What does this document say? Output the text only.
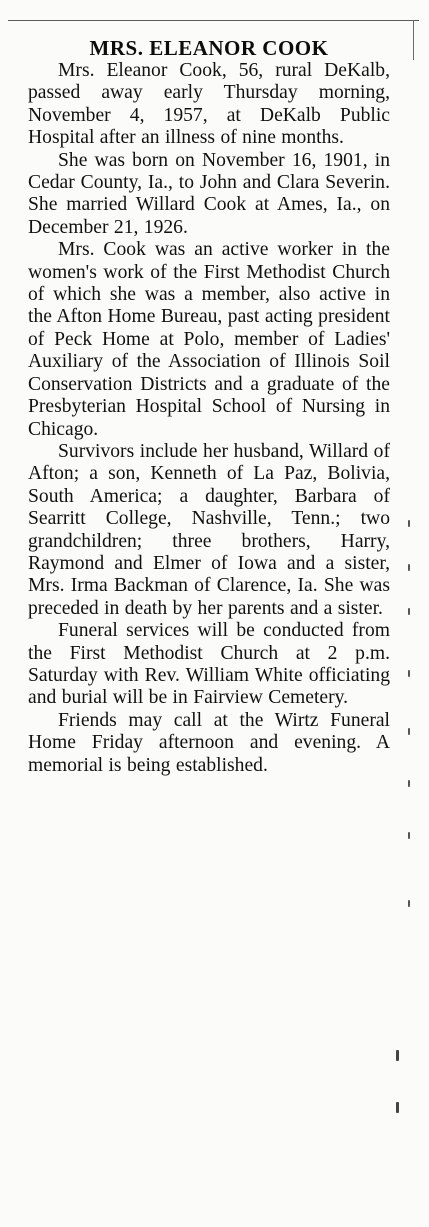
MRS. ELEANOR COOK

Mrs. Eleanor Cook, 56, rural DeKalb, passed away early Thursday morning, November 4, 1957, at DeKalb Public Hospital after an illness of nine months.

She was born on November 16, 1901, in Cedar County, Ia., to John and Clara Severin. She married Willard Cook at Ames, Ia., on December 21, 1926.

Mrs. Cook was an active worker in the women's work of the First Methodist Church of which she was a member, also active in the Afton Home Bureau, past acting president of Peck Home at Polo, member of Ladies' Auxiliary of the Association of Illinois Soil Conservation Districts and a graduate of the Presbyterian Hospital School of Nursing in Chicago.

Survivors include her husband, Willard of Afton; a son, Kenneth of La Paz, Bolivia, South America; a daughter, Barbara of Searritt College, Nashville, Tenn.; two grandchildren; three brothers, Harry, Raymond and Elmer of Iowa and a sister, Mrs. Irma Backman of Clarence, Ia. She was preceded in death by her parents and a sister.

Funeral services will be conducted from the First Methodist Church at 2 p.m. Saturday with Rev. William White officiating and burial will be in Fairview Cemetery.

Friends may call at the Wirtz Funeral Home Friday afternoon and evening. A memorial is being established.
